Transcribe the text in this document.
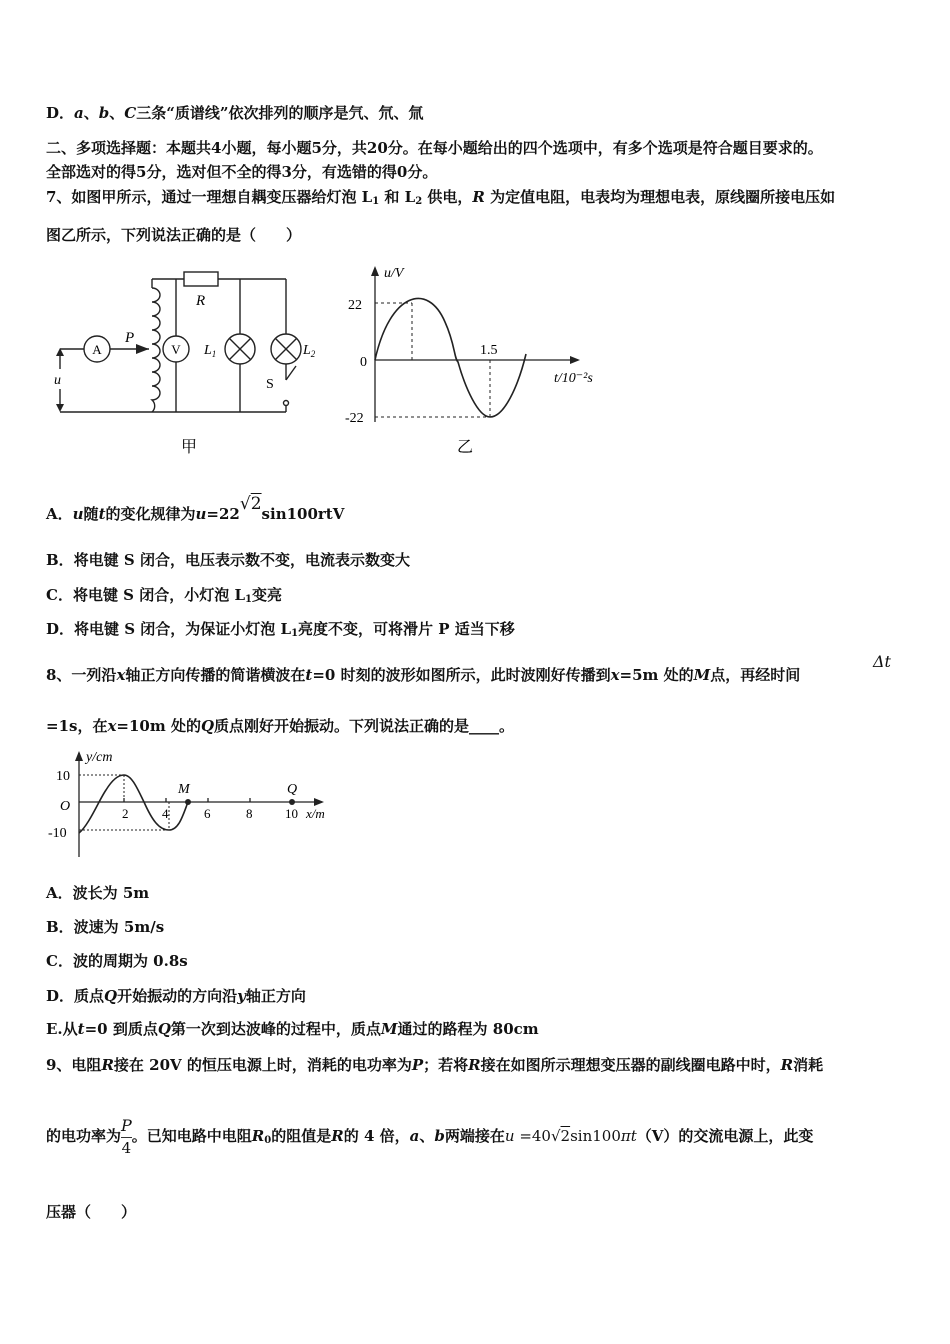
D．a、b、C三条“质谱线”依次排列的顺序是氕、氘、氚
二、多项选择题：本题共4小题，每小题5分，共20分。在每小题给出的四个选项中，有多个选项是符合题目要求的。
全部选对的得5分，选对但不全的得3分，有选错的得0分。
7、如图甲所示，通过一理想自耦变压器给灯泡 $L_1$ 和 $L_2$ 供电，R 为定值电阻，电表均为理想电表，原线圈所接电压如
图乙所示，下列说法正确的是（　　）
A	V
P
R
$L_1$	$L_2$
S
u
甲
u/V
t/10⁻²s
22
0
-22
1.5
乙
A．u随t的变化规律为u=22√2sin100rtV
B．将电键 S 闭合，电压表示数不变，电流表示数变大
C．将电键 S 闭合，小灯泡 $L_1$变亮
D．将电键 S 闭合，为保证小灯泡 $L_1$亮度不变，可将滑片 P 适当下移
8、一列沿x轴正方向传播的简谐横波在t=0 时刻的波形如图所示，此时波刚好传播到x=5m 处的M点，再经时间
Δt
=1s，在x=10m 处的Q质点刚好开始振动。下列说法正确的是____。
y/cm
10
-10
O	2	4	6	8	10 x/m
M	Q
A．波长为 5m
B．波速为 5m/s
C．波的周期为 0.8s
D．质点Q开始振动的方向沿y轴正方向
E.从t=0 到质点Q第一次到达波峰的过程中，质点M通过的路程为 80cm
9、电阻R接在 20V 的恒压电源上时，消耗的电功率为P；若将R接在如图所示理想变压器的副线圈电路中时，R消耗
的电功率为 $\frac{P}{4}$ 。已知电路中电阻$R_0$的阻值是R的 4 倍，a、b两端接在u =40√2sin100πt（V）的交流电源上，此变
压器（　　）
